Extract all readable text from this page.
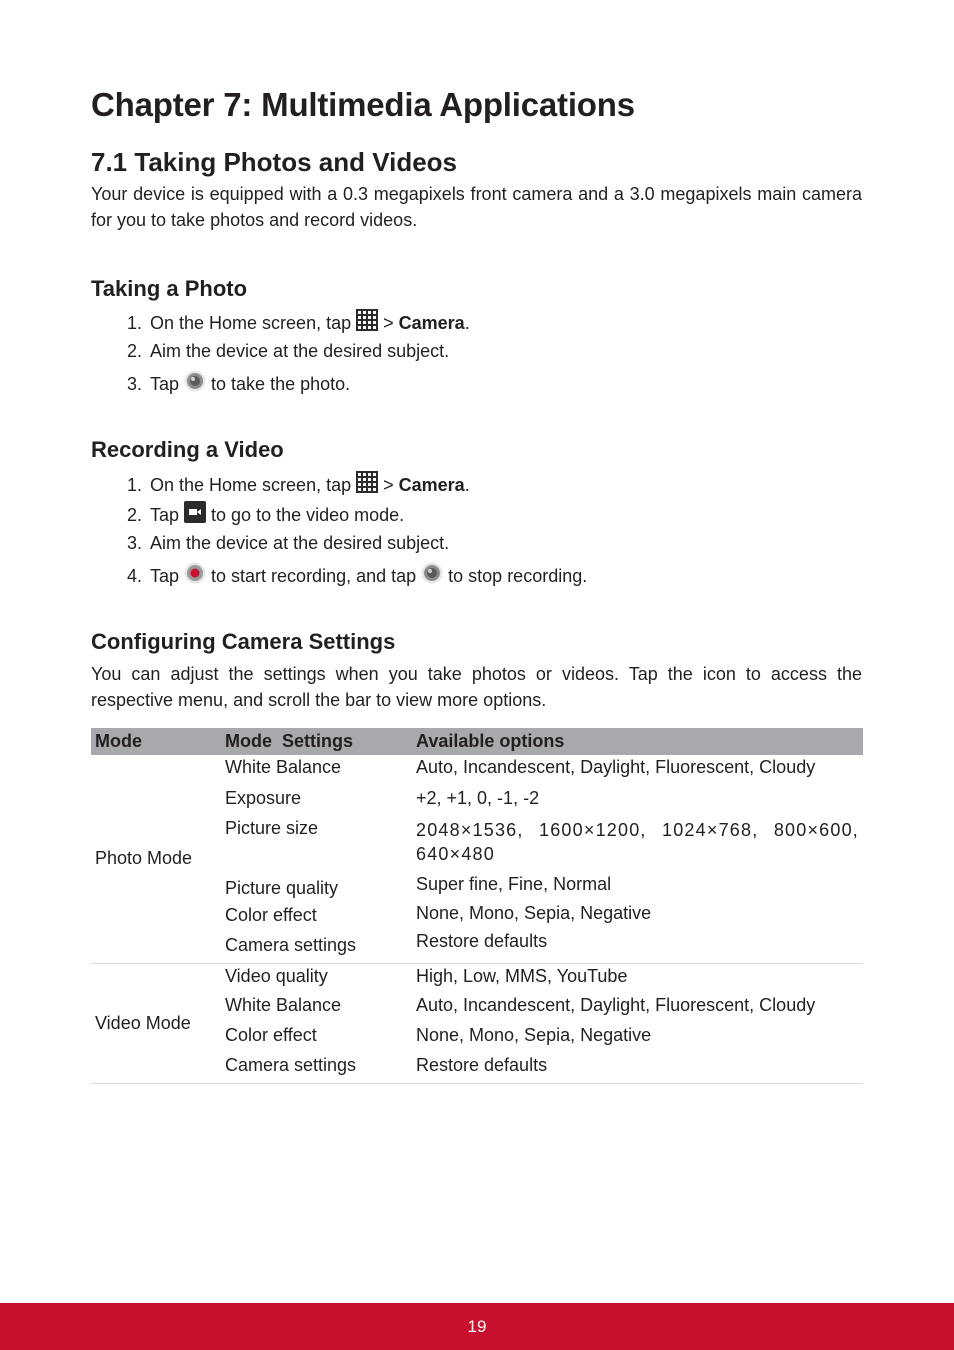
Chapter 7: Multimedia Applications
7.1 Taking Photos and Videos

Your device is equipped with a 0.3 megapixels front camera and a 3.0 megapixels main camera for you to take photos and record videos.

Taking a Photo
1. On the Home screen, tap >
Camera .
2. Aim the device at the desired subject.
3. Tap to take the photo.
Recording a Video
1. On the Home screen, tap >
Camera .
2. Tap to go to the video mode.
3. Aim the device at the desired subject.
4. Tap to start recording, and tap to stop recording.
Configuring Camera Settings

You can adjust the settings when you take photos or videos. Tap the icon to access the respective menu, and scroll the bar to view more options.

Mode	Mode  Settings	Available options
Photo Mode	White Balance	Auto, Incandescent, Daylight, Fluorescent, Cloudy
	Exposure	+2, +1, 0, -1, -2
	Picture size	2048×1536, 1600×1200, 1024×768, 800×600, 640×480
	Picture quality	Super fine, Fine, Normal
	Color effect	None, Mono, Sepia, Negative
	Camera settings	Restore defaults
Video Mode	Video quality	High, Low, MMS, YouTube
	White Balance	Auto, Incandescent, Daylight, Fluorescent, Cloudy
	Color effect	None, Mono, Sepia, Negative
	Camera settings	Restore defaults
19
